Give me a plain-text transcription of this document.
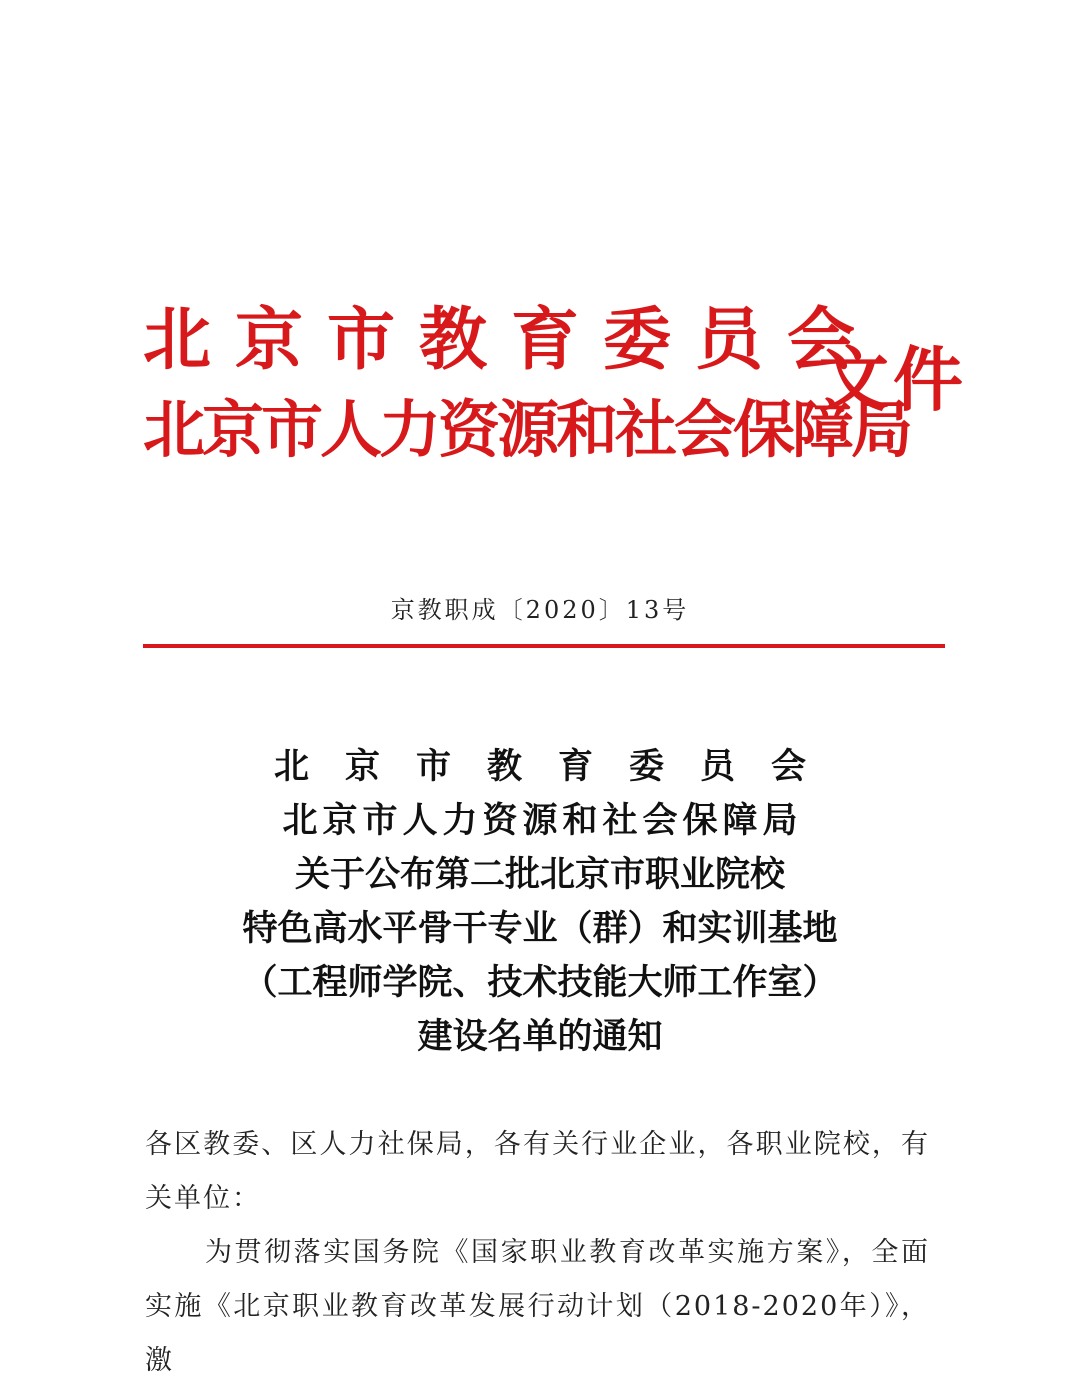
北京市教育委员会
北京市人力资源和社会保障局
文件
京教职成〔2020〕13号
北京市教育委员会
北京市人力资源和社会保障局
关于公布第二批北京市职业院校
特色高水平骨干专业（群）和实训基地
（工程师学院、技术技能大师工作室）
建设名单的通知

各区教委、区人力社保局，各有关行业企业，各职业院校，有关单位：

为贯彻落实国务院《国家职业教育改革实施方案》，全面实施《北京职业教育改革发展行动计划（2018-2020年）》，激
